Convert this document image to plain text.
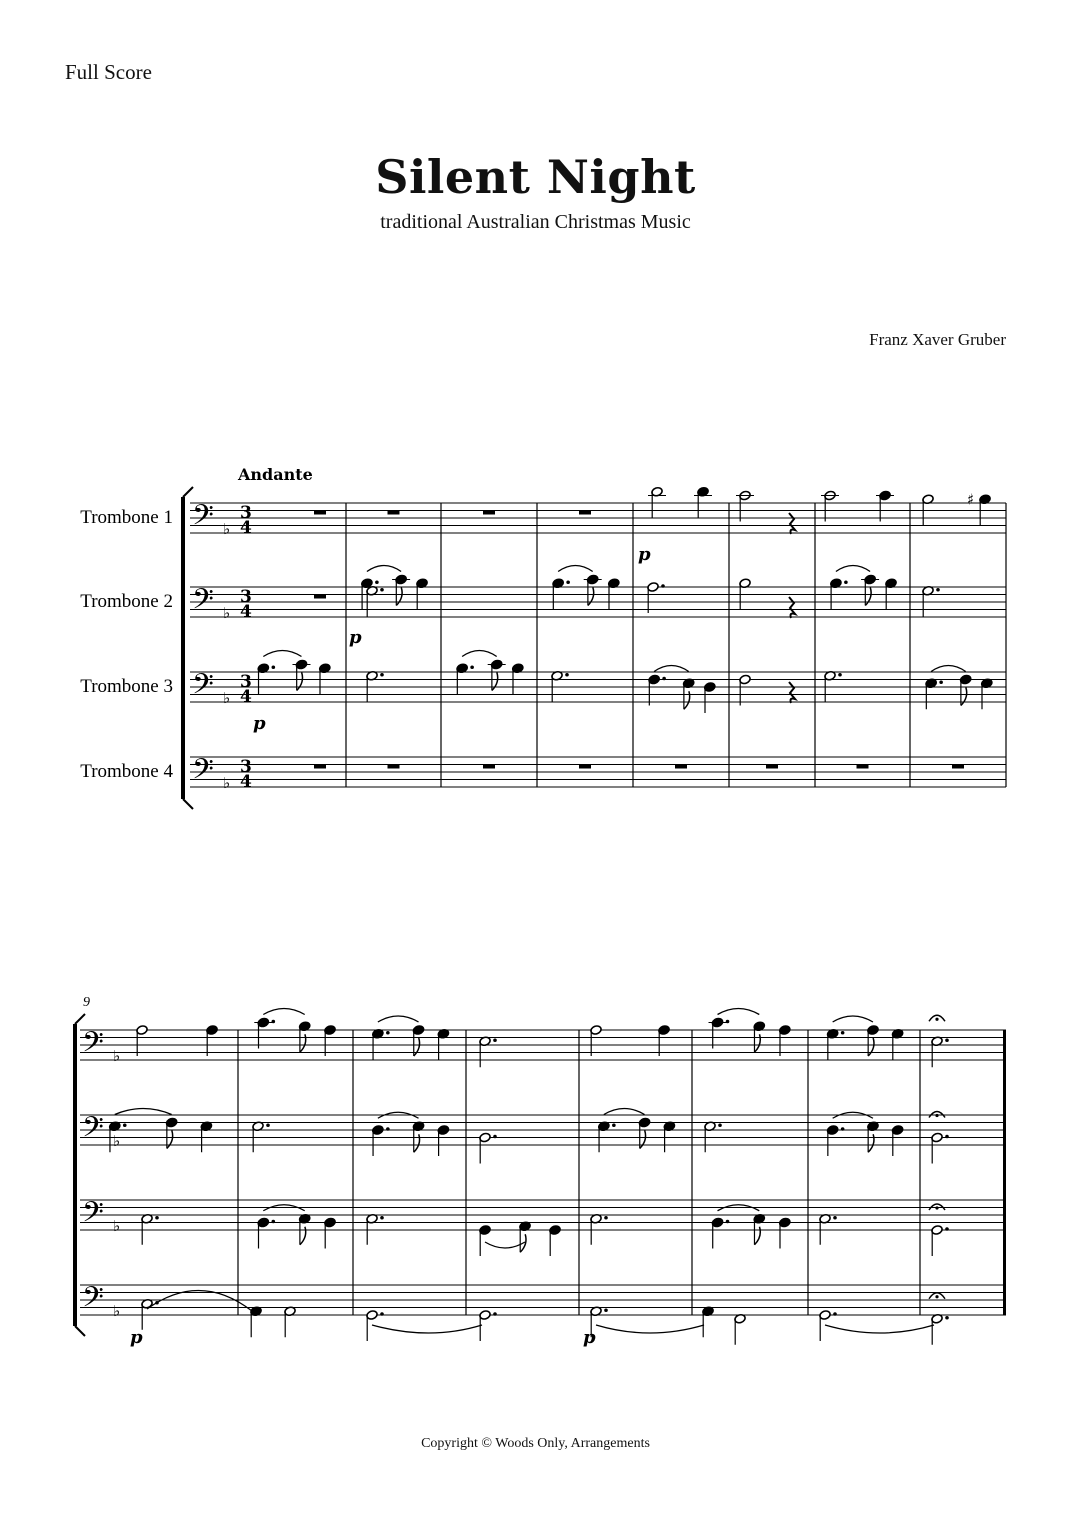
Full Score
Silent Night
traditional Australian Christmas Music
Franz Xaver Gruber
Copyright © Woods Only, Arrangements
𝄢 ♭
3
4
Trombone 1
𝄢 ♭
3
4
Trombone 2
𝄢 ♭
3
4
Trombone 3
𝄢 ♭
3
4
Trombone 4
Andante
♯
p
p
p
𝄢 ♭
𝄢 ♭
𝄢 ♭
𝄢 ♭
9
p	p
